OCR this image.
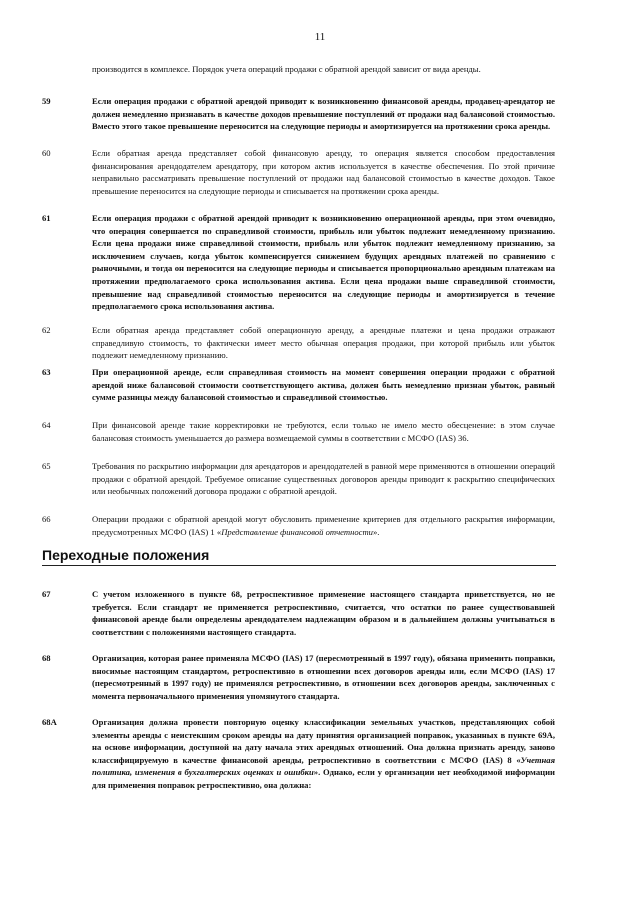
11

производится в комплексе. Порядок учета операций продажи с обратной арендой зависит от вида аренды.

59	Если операция продажи с обратной арендой приводит к возникновению финансовой аренды, продавец-арендатор не должен немедленно признавать в качестве доходов превышение поступлений от продажи над балансовой стоимостью. Вместо этого такое превышение переносится на следующие периоды и амортизируется на протяжении срока аренды.

60	Если обратная аренда представляет собой финансовую аренду, то операция является способом предоставления финансирования арендодателем арендатору, при котором актив используется в качестве обеспечения. По этой причине неправильно рассматривать превышение поступлений от продажи над балансовой стоимостью в качестве доходов. Такое превышение переносится на следующие периоды и списывается на протяжении срока аренды.

61	Если операция продажи с обратной арендой приводит к возникновению операционной аренды, при этом очевидно, что операция совершается по справедливой стоимости, прибыль или убыток подлежит немедленному признанию. Если цена продажи ниже справедливой стоимости, прибыль или убыток подлежит немедленному признанию, за исключением случаев, когда убыток компенсируется снижением будущих арендных платежей по сравнению с рыночными, и тогда он переносится на следующие периоды и списывается пропорционально арендным платежам на протяжении предполагаемого срока использования актива. Если цена продажи выше справедливой стоимости, превышение над справедливой стоимостью переносится на следующие периоды и амортизируется в течение предполагаемого срока использования актива.

62	Если обратная аренда представляет собой операционную аренду, а арендные платежи и цена продажи отражают справедливую стоимость, то фактически имеет место обычная операция продажи, при которой прибыль или убыток подлежит немедленному признанию.

63	При операционной аренде, если справедливая стоимость на момент совершения операции продажи с обратной арендой ниже балансовой стоимости соответствующего актива, должен быть немедленно признан убыток, равный сумме разницы между балансовой стоимостью и справедливой стоимостью.

64	При финансовой аренде такие корректировки не требуются, если только не имело место обесценение: в этом случае балансовая стоимость уменьшается до размера возмещаемой суммы в соответствии с МСФО (IAS) 36.

65	Требования по раскрытию информации для арендаторов и арендодателей в равной мере применяются в отношении операций продажи с обратной арендой. Требуемое описание существенных договоров аренды приводит к раскрытию специфических или необычных положений договора продажи с обратной арендой.

66	Операции продажи с обратной арендой могут обусловить применение критериев для отдельного раскрытия информации, предусмотренных МСФО (IAS) 1 «Представление финансовой отчетности».

Переходные положения
67	С учетом изложенного в пункте 68, ретроспективное применение настоящего стандарта приветствуется, но не требуется. Если стандарт не применяется ретроспективно, считается, что остатки по ранее существовавшей финансовой аренде были определены арендодателем надлежащим образом и в дальнейшем должны учитываться в соответствии с положениями настоящего стандарта.

68	Организация, которая ранее применяла МСФО (IAS) 17 (пересмотренный в 1997 году), обязана применить поправки, вносимые настоящим стандартом, ретроспективно в отношении всех договоров аренды или, если МСФО (IAS) 17 (пересмотренный в 1997 году) не применялся ретроспективно, в отношении всех договоров аренды, заключенных с момента первоначального применения упомянутого стандарта.

68A	Организация должна провести повторную оценку классификации земельных участков, представляющих собой элементы аренды с неистекшим сроком аренды на дату принятия организацией поправок, указанных в пункте 69А, на основе информации, доступной на дату начала этих арендных отношений. Она должна признать аренду, заново классифицируемую в качестве финансовой аренды, ретроспективно в соответствии с МСФО (IAS) 8 «Учетная политика, изменения в бухгалтерских оценках и ошибки». Однако, если у организации нет необходимой информации для применения поправок ретроспективно, она должна:
